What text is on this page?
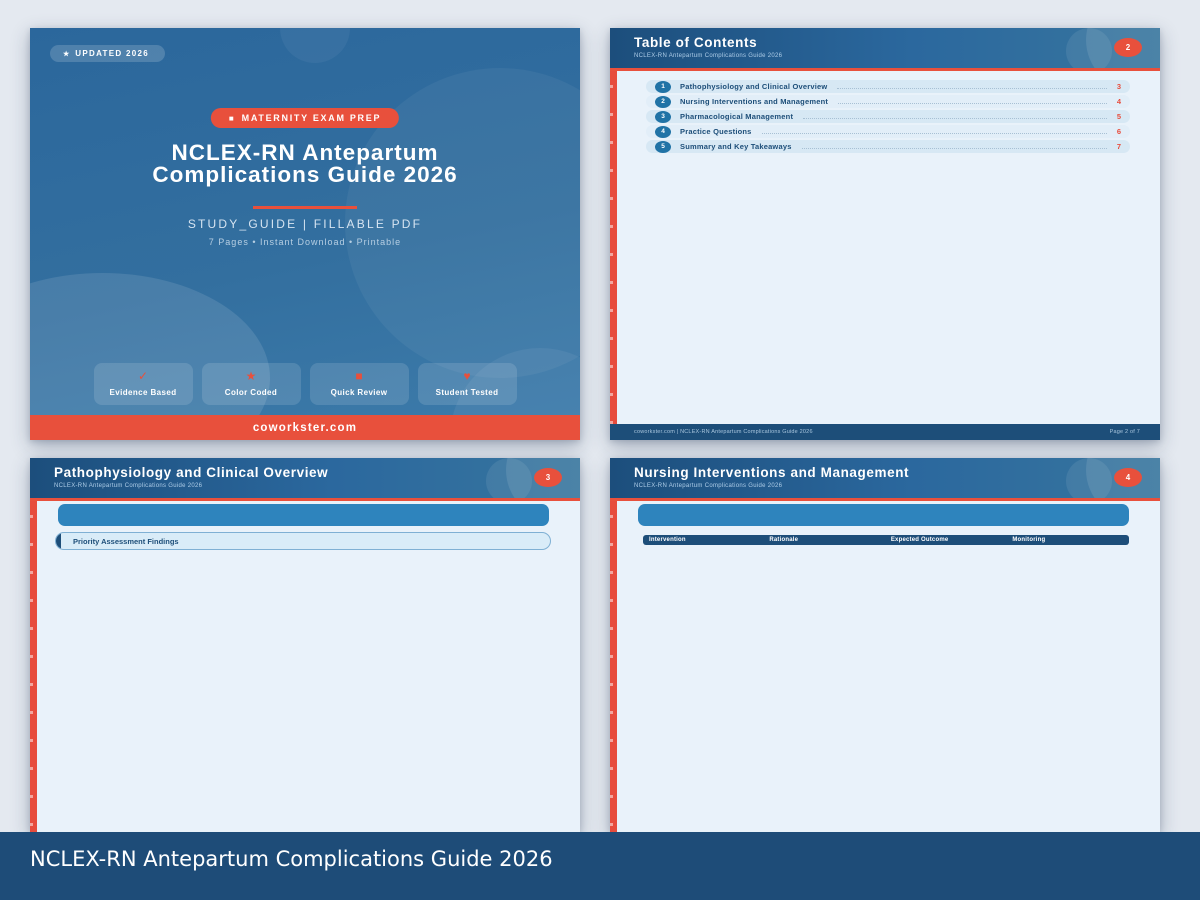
★ UPDATED 2026
■ MATERNITY EXAM PREP
NCLEX-RN Antepartum
Complications Guide 2026
STUDY_GUIDE | FILLABLE PDF
7 Pages • Instant Download • Printable
✓
Evidence Based
★
Color Coded
■
Quick Review
♥
Student Tested
coworkster.com
Table of Contents
NCLEX-RN Antepartum Complications Guide 2026
2
1	Pathophysiology and Clinical Overview	3
2	Nursing Interventions and Management	4
3	Pharmacological Management	5
4	Practice Questions	6
5	Summary and Key Takeaways	7
coworkster.com | NCLEX-RN Antepartum Complications Guide 2026	Page 2 of 7
Pathophysiology and Clinical Overview
NCLEX-RN Antepartum Complications Guide 2026
3
Priority Assessment Findings
Nursing Interventions and Management
NCLEX-RN Antepartum Complications Guide 2026
4
Intervention	Rationale	Expected Outcome	Monitoring
NCLEX-RN Antepartum Complications Guide 2026
